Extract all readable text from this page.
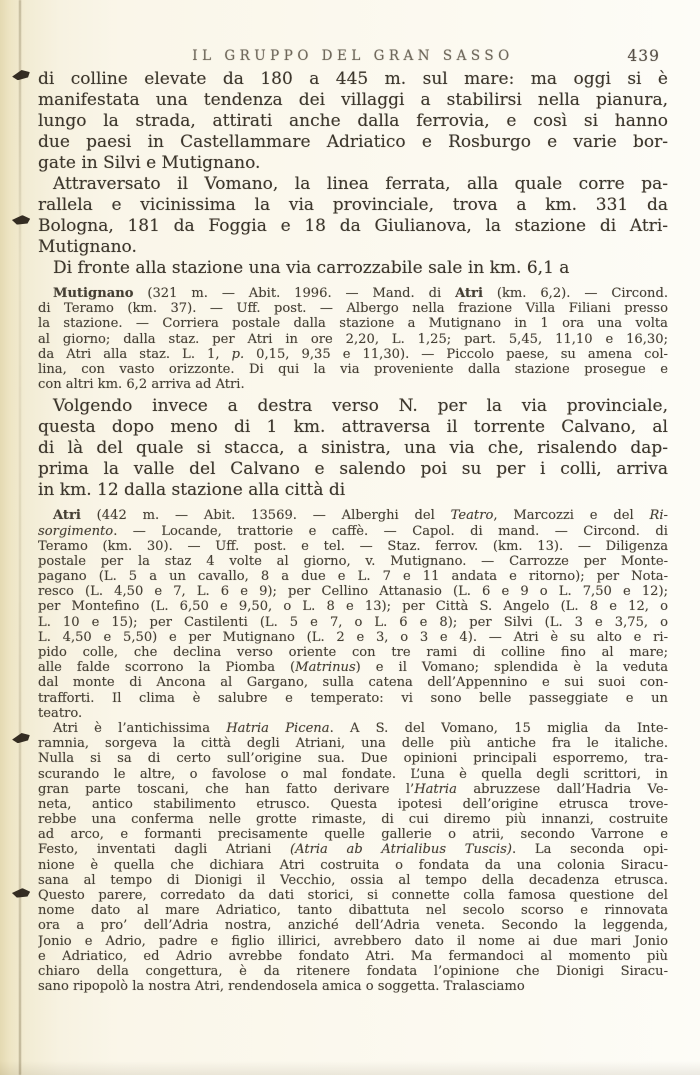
IL GRUPPO DEL GRAN SASSO	439
di colline elevate da 180 a 445 m. sul mare: ma oggi si è
manifestata una tendenza dei villaggi a stabilirsi nella pianura,
lungo la strada, attirati anche dalla ferrovia, e così si hanno
due paesi in Castellammare Adriatico e Rosburgo e varie bor-
gate in Silvi e Mutignano.
Attraversato il Vomano, la linea ferrata, alla quale corre pa-
rallela e vicinissima la via provinciale, trova a km. 331 da
Bologna, 181 da Foggia e 18 da Giulianova, la stazione di Atri-
Mutignano.
Di fronte alla stazione una via carrozzabile sale in km. 6,1 a
Mutignano (321 m. — Abit. 1996. — Mand. di Atri (km. 6,2). — Circond.
di Teramo (km. 37). — Uff. post. — Albergo nella frazione Villa Filiani presso
la stazione. — Corriera postale dalla stazione a Mutignano in 1 ora una volta
al giorno; dalla staz. per Atri in ore 2,20, L. 1,25; part. 5,45, 11,10 e 16,30;
da Atri alla staz. L. 1, p. 0,15, 9,35 e 11,30). — Piccolo paese, su amena col-
lina, con vasto orizzonte. Di qui la via proveniente dalla stazione prosegue e
con altri km. 6,2 arriva ad Atri.
Volgendo invece a destra verso N. per la via provinciale,
questa dopo meno di 1 km. attraversa il torrente Calvano, al
di là del quale si stacca, a sinistra, una via che, risalendo dap-
prima la valle del Calvano e salendo poi su per i colli, arriva
in km. 12 dalla stazione alla città di
Atri (442 m. — Abit. 13569. — Alberghi del Teatro, Marcozzi e del Ri-
sorgimento. — Locande, trattorie e caffè. — Capol. di mand. — Circond. di
Teramo (km. 30). — Uff. post. e tel. — Staz. ferrov. (km. 13). — Diligenza
postale per la staz 4 volte al giorno, v. Mutignano. — Carrozze per Monte-
pagano (L. 5 a un cavallo, 8 a due e L. 7 e 11 andata e ritorno); per Nota-
resco (L. 4,50 e 7, L. 6 e 9); per Cellino Attanasio (L. 6 e 9 o L. 7,50 e 12);
per Montefino (L. 6,50 e 9,50, o L. 8 e 13); per Città S. Angelo (L. 8 e 12, o
L. 10 e 15); per Castilenti (L. 5 e 7, o L. 6 e 8); per Silvi (L. 3 e 3,75, o
L. 4,50 e 5,50) e per Mutignano (L. 2 e 3, o 3 e 4). — Atri è su alto e ri-
pido colle, che declina verso oriente con tre rami di colline fino al mare;
alle falde scorrono la Piomba (Matrinus) e il Vomano; splendida è la veduta
dal monte di Ancona al Gargano, sulla catena dell’Appennino e sui suoi con-
trafforti. Il clima è salubre e temperato: vi sono belle passeggiate e un
teatro.
Atri è l’antichissima Hatria Picena. A S. del Vomano, 15 miglia da Inte-
ramnia, sorgeva la città degli Atriani, una delle più antiche fra le italiche.
Nulla si sa di certo sull’origine sua. Due opinioni principali esporremo, tra-
scurando le altre, o favolose o mal fondate. L’una è quella degli scrittori, in
gran parte toscani, che han fatto derivare l’Hatria abruzzese dall’Hadria Ve-
neta, antico stabilimento etrusco. Questa ipotesi dell’origine etrusca trove-
rebbe una conferma nelle grotte rimaste, di cui diremo più innanzi, costruite
ad arco, e formanti precisamente quelle gallerie o atrii, secondo Varrone e
Festo, inventati dagli Atriani (Atria ab Atrialibus Tuscis). La seconda opi-
nione è quella che dichiara Atri costruita o fondata da una colonia Siracu-
sana al tempo di Dionigi il Vecchio, ossia al tempo della decadenza etrusca.
Questo parere, corredato da dati storici, si connette colla famosa questione del
nome dato al mare Adriatico, tanto dibattuta nel secolo scorso e rinnovata
ora a pro’ dell’Adria nostra, anziché dell’Adria veneta. Secondo la leggenda,
Jonio e Adrio, padre e figlio illirici, avrebbero dato il nome ai due mari Jonio
e Adriatico, ed Adrio avrebbe fondato Atri. Ma fermandoci al momento più
chiaro della congettura, è da ritenere fondata l’opinione che Dionigi Siracu-
sano ripopolò la nostra Atri, rendendosela amica o soggetta. Tralasciamo
